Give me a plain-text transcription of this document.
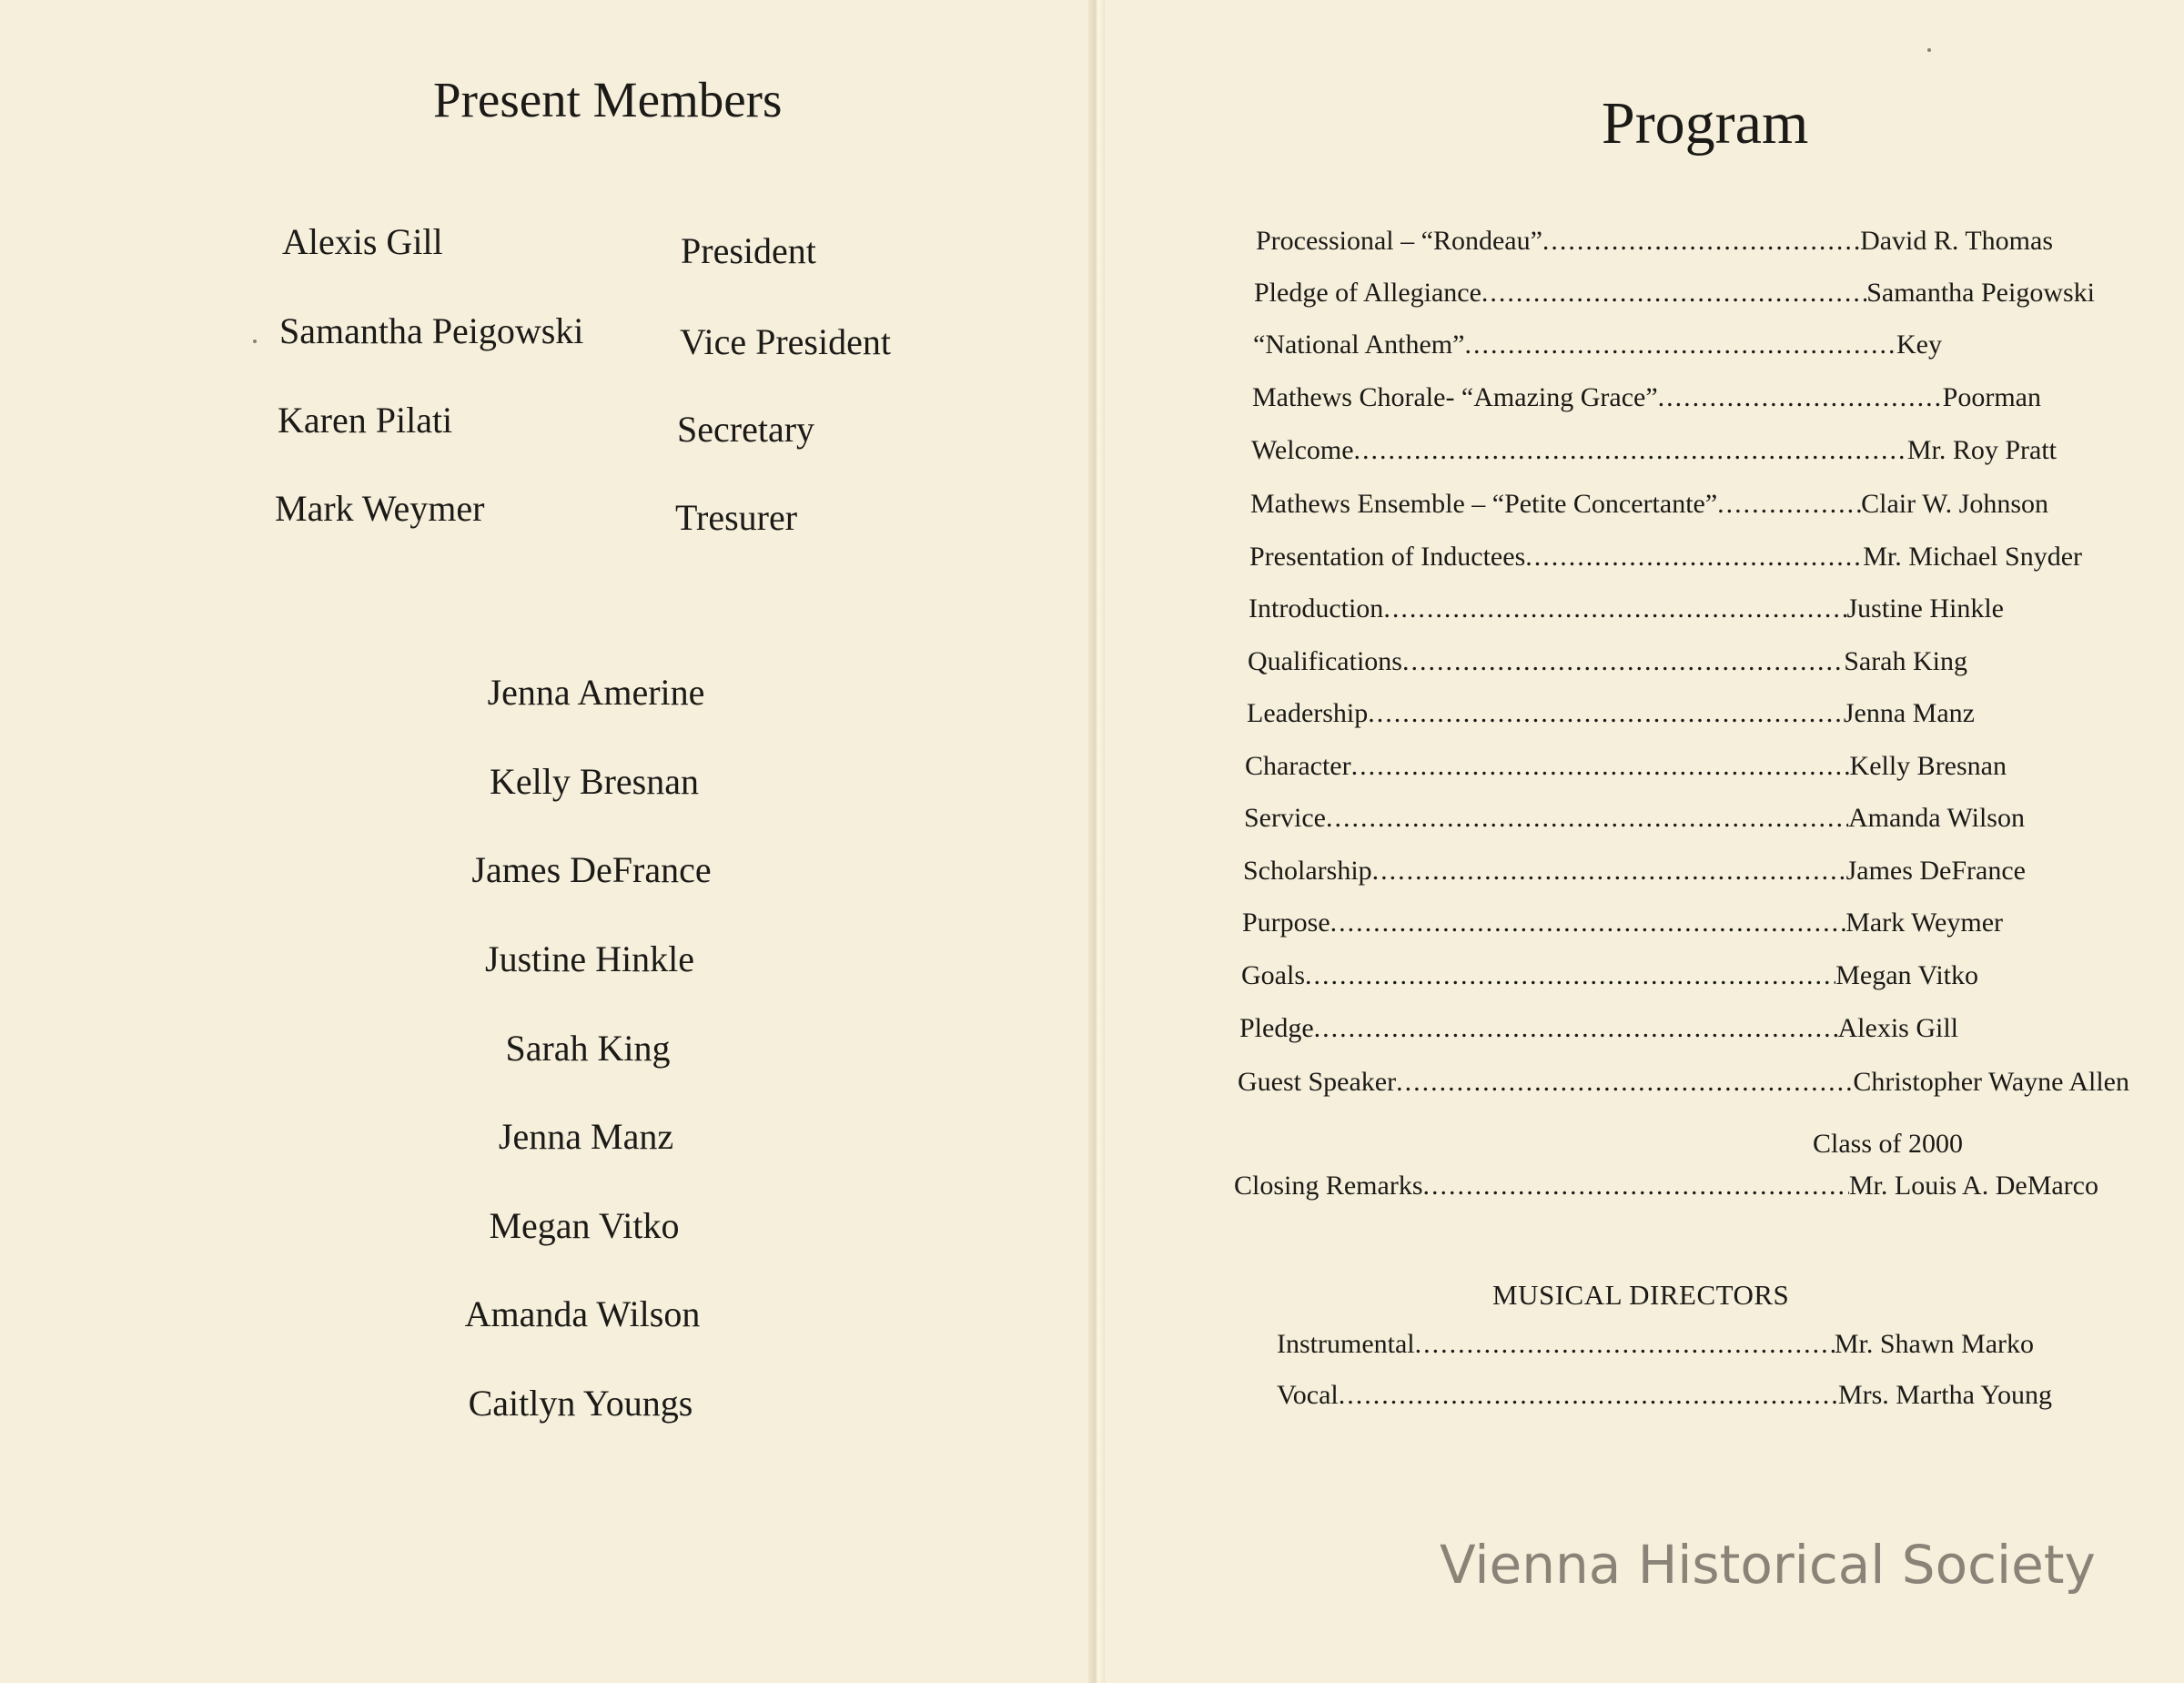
Present Members
Alexis Gill	President
Samantha Peigowski	Vice President
Karen Pilati	Secretary
Mark Weymer	Tresurer
Jenna Amerine
Kelly Bresnan
James DeFrance
Justine Hinkle
Sarah King
Jenna Manz
Megan Vitko
Amanda Wilson
Caitlyn Youngs
Program
Processional – “Rondeau” .....	David R. Thomas
Pledge of Allegiance .....	Samantha Peigowski
“National Anthem” .....	Key
Mathews Chorale- “Amazing Grace” .....	Poorman
Welcome .....	Mr. Roy Pratt
Mathews Ensemble – “Petite Concertante” .....	Clair W. Johnson
Presentation of Inductees .....	Mr. Michael Snyder
Introduction .....	Justine Hinkle
Qualifications .....	Sarah King
Leadership .....	Jenna Manz
Character .....	Kelly Bresnan
Service .....	Amanda Wilson
Scholarship .....	James DeFrance
Purpose .....	Mark Weymer
Goals .....	Megan Vitko
Pledge .....	Alexis Gill
Guest Speaker .....	Christopher Wayne Allen
Class of 2000
Closing Remarks .....	Mr. Louis A. DeMarco
MUSICAL DIRECTORS
Instrumental .....	Mr. Shawn Marko
Vocal .....	Mrs. Martha Young
Vienna Historical Society
